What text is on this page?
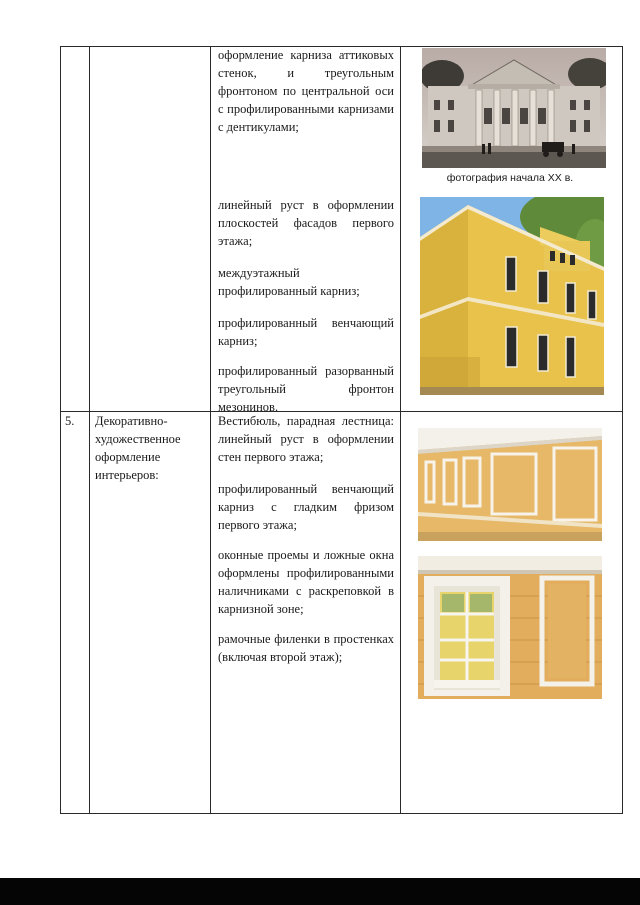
оформление карниза аттиковых стенок, и треугольным фронтоном по центральной оси с профилированными карнизами с дентикулами;

линейный руст в оформлении плоскостей фасадов первого этажа;

междуэтажный профилированный карниз;

профилированный венчающий карниз;

профилированный разорванный треугольный фронтон мезонинов.

5.	Декоративно-художественное оформление интерьеров:

Вестибюль, парадная лестница: линейный руст в оформлении стен первого этажа;

профилированный венчающий карниз с гладким фризом первого этажа;

оконные проемы и ложные окна оформлены профилированными наличниками с раскреповкой в карнизной зоне;

рамочные филенки в простенках (включая второй этаж);

фотография начала XX в.
